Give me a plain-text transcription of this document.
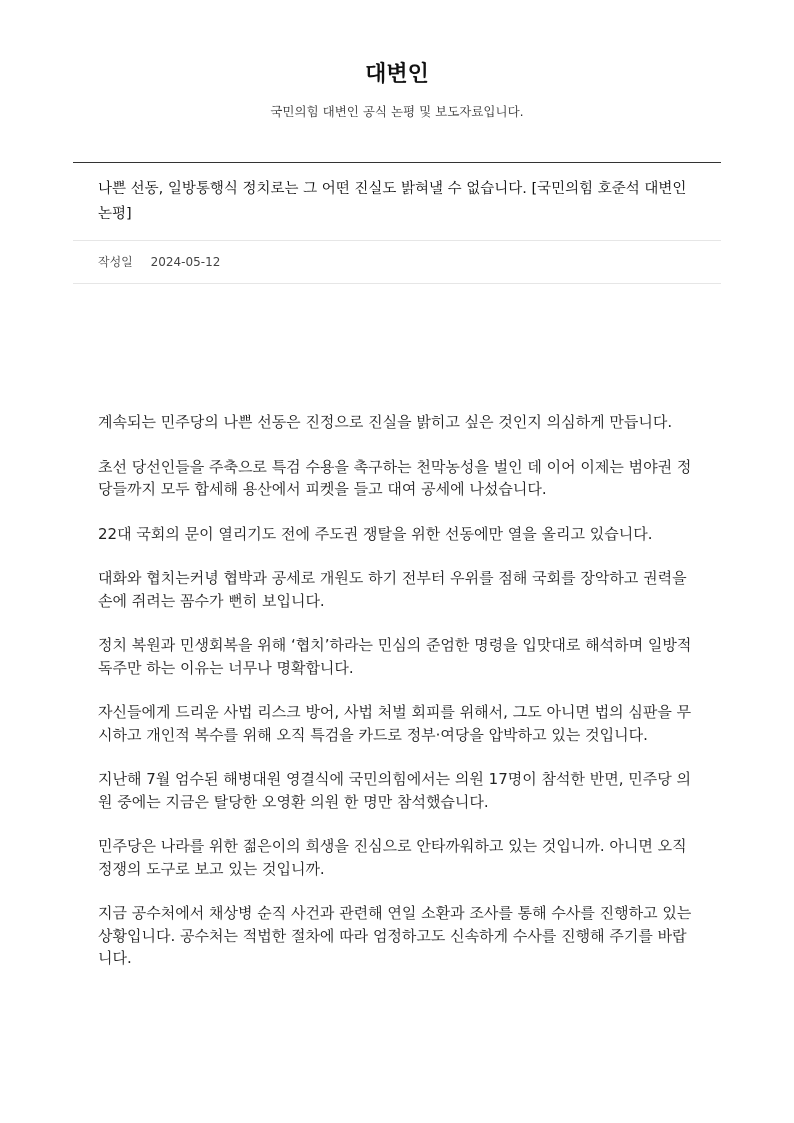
대변인
국민의힘 대변인 공식 논평 및 보도자료입니다.
나쁜 선동, 일방통행식 정치로는 그 어떤 진실도 밝혀낼 수 없습니다. [국민의힘 호준석 대변인 논평]
작성일 2024-05-12

계속되는 민주당의 나쁜 선동은 진정으로 진실을 밝히고 싶은 것인지 의심하게 만듭니다.

초선 당선인들을 주축으로 특검 수용을 촉구하는 천막농성을 벌인 데 이어 이제는 범야권 정당들까지 모두 합세해 용산에서 피켓을 들고 대여 공세에 나섰습니다.

22대 국회의 문이 열리기도 전에 주도권 쟁탈을 위한 선동에만 열을 올리고 있습니다.

대화와 협치는커녕 협박과 공세로 개원도 하기 전부터 우위를 점해 국회를 장악하고 권력을 손에 쥐려는 꼼수가 뻔히 보입니다.

정치 복원과 민생회복을 위해 ‘협치’하라는 민심의 준엄한 명령을 입맛대로 해석하며 일방적 독주만 하는 이유는 너무나 명확합니다.

자신들에게 드리운 사법 리스크 방어, 사법 처벌 회피를 위해서, 그도 아니면 법의 심판을 무시하고 개인적 복수를 위해 오직 특검을 카드로 정부·여당을 압박하고 있는 것입니다.

지난해 7월 엄수된 해병대원 영결식에 국민의힘에서는 의원 17명이 참석한 반면, 민주당 의원 중에는 지금은 탈당한 오영환 의원 한 명만 참석했습니다.

민주당은 나라를 위한 젊은이의 희생을 진심으로 안타까워하고 있는 것입니까. 아니면 오직 정쟁의 도구로 보고 있는 것입니까.

지금 공수처에서 채상병 순직 사건과 관련해 연일 소환과 조사를 통해 수사를 진행하고 있는 상황입니다. 공수처는 적법한 절차에 따라 엄정하고도 신속하게 수사를 진행해 주기를 바랍니다.
